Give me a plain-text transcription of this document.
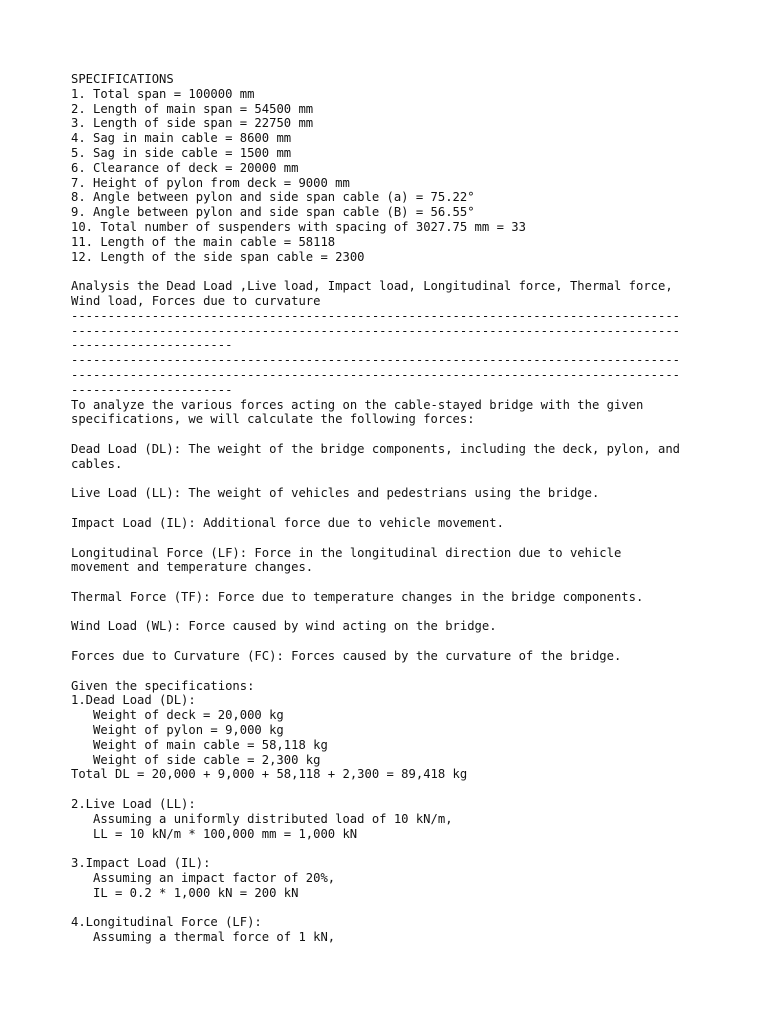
SPECIFICATIONS
1. Total span = 100000 mm
2. Length of main span = 54500 mm
3. Length of side span = 22750 mm
4. Sag in main cable = 8600 mm
5. Sag in side cable = 1500 mm
6. Clearance of deck = 20000 mm
7. Height of pylon from deck = 9000 mm
8. Angle between pylon and side span cable (a) = 75.22°
9. Angle between pylon and side span cable (B) = 56.55°
10. Total number of suspenders with spacing of 3027.75 mm = 33
11. Length of the main cable = 58118
12. Length of the side span cable = 2300
Analysis the Dead Load ,Live load, Impact load, Longitudinal force, Thermal force,
Wind load, Forces due to curvature
-----------------------------------------------------------------------------------
-----------------------------------------------------------------------------------
----------------------
-----------------------------------------------------------------------------------
-----------------------------------------------------------------------------------
----------------------
To analyze the various forces acting on the cable-stayed bridge with the given
specifications, we will calculate the following forces:
Dead Load (DL): The weight of the bridge components, including the deck, pylon, and
cables.
Live Load (LL): The weight of vehicles and pedestrians using the bridge.
Impact Load (IL): Additional force due to vehicle movement.
Longitudinal Force (LF): Force in the longitudinal direction due to vehicle
movement and temperature changes.
Thermal Force (TF): Force due to temperature changes in the bridge components.
Wind Load (WL): Force caused by wind acting on the bridge.
Forces due to Curvature (FC): Forces caused by the curvature of the bridge.
Given the specifications:
1.Dead Load (DL):
Weight of deck = 20,000 kg
Weight of pylon = 9,000 kg
Weight of main cable = 58,118 kg
Weight of side cable = 2,300 kg
Total DL = 20,000 + 9,000 + 58,118 + 2,300 = 89,418 kg
2.Live Load (LL):
Assuming a uniformly distributed load of 10 kN/m,
LL = 10 kN/m * 100,000 mm = 1,000 kN
3.Impact Load (IL):
Assuming an impact factor of 20%,
IL = 0.2 * 1,000 kN = 200 kN
4.Longitudinal Force (LF):
Assuming a thermal force of 1 kN,
